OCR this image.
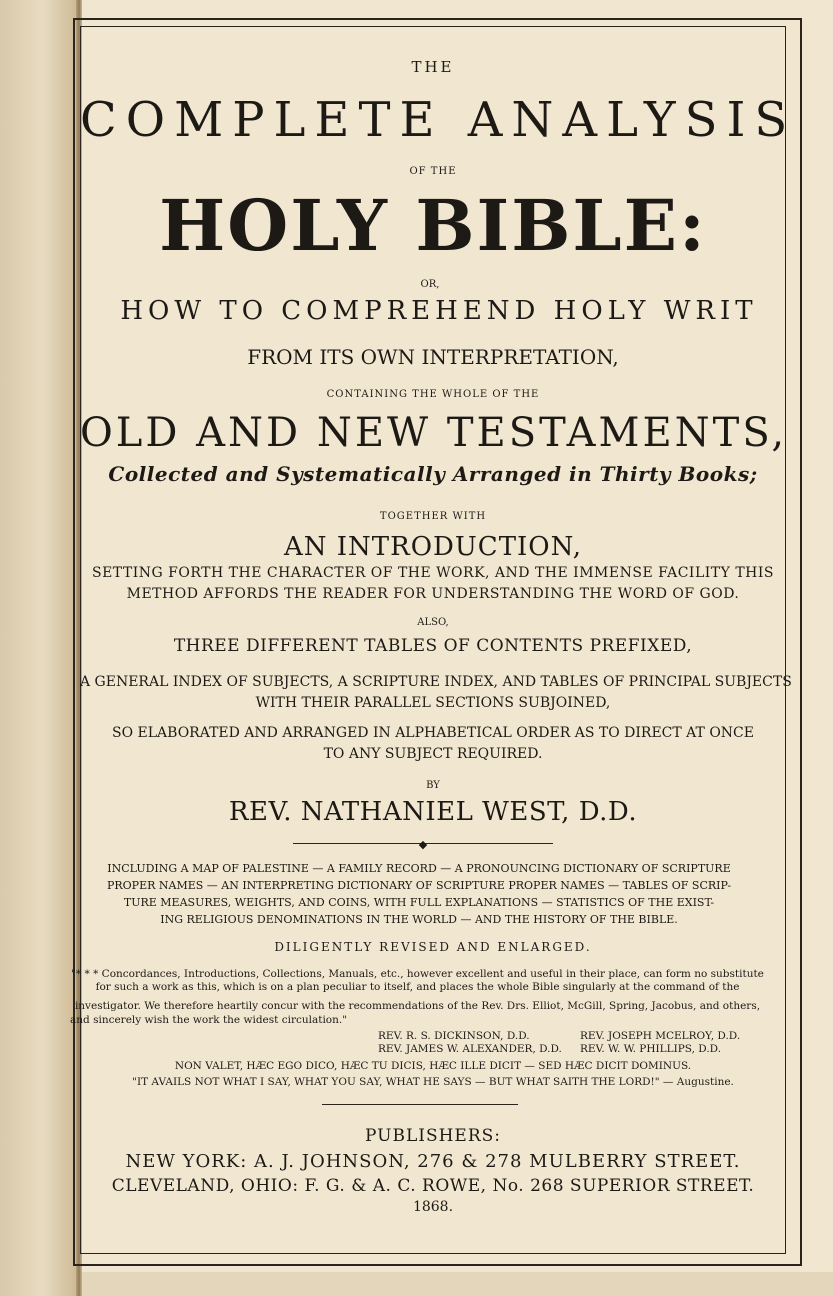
THE
COMPLETE ANALYSIS
OF THE
HOLY BIBLE:
OR,
HOW TO COMPREHEND HOLY WRIT
FROM ITS OWN INTERPRETATION,
CONTAINING THE WHOLE OF THE
OLD AND NEW TESTAMENTS,
Collected and Systematically Arranged in Thirty Books;
TOGETHER WITH
AN INTRODUCTION,
SETTING FORTH THE CHARACTER OF THE WORK, AND THE IMMENSE FACILITY THIS
METHOD AFFORDS THE READER FOR UNDERSTANDING THE WORD OF GOD.
ALSO,
THREE DIFFERENT TABLES OF CONTENTS PREFIXED,
A GENERAL INDEX OF SUBJECTS, A SCRIPTURE INDEX, AND TABLES OF PRINCIPAL SUBJECTS
WITH THEIR PARALLEL SECTIONS SUBJOINED,
SO ELABORATED AND ARRANGED IN ALPHABETICAL ORDER AS TO DIRECT AT ONCE
TO ANY SUBJECT REQUIRED.
BY
REV. NATHANIEL WEST, D.D.
◆
INCLUDING A MAP OF PALESTINE — A FAMILY RECORD — A PRONOUNCING DICTIONARY OF SCRIPTURE
PROPER NAMES — AN INTERPRETING DICTIONARY OF SCRIPTURE PROPER NAMES — TABLES OF SCRIP-
TURE MEASURES, WEIGHTS, AND COINS, WITH FULL EXPLANATIONS — STATISTICS OF THE EXIST-
ING RELIGIOUS DENOMINATIONS IN THE WORLD — AND THE HISTORY OF THE BIBLE.
DILIGENTLY REVISED AND ENLARGED.
"* * * Concordances, Introductions, Collections, Manuals, etc., however excellent and useful in their place, can form no substitute for such a work as this, which is on a plan peculiar to itself, and places the whole Bible singularly at the command of the
investigator. We therefore heartily concur with the recommendations of the Rev. Drs. Elliot, McGill, Spring, Jacobus, and others,
and sincerely wish the work the widest circulation."
REV. R. S. DICKINSON, D.D.
REV. JAMES W. ALEXANDER, D.D.
REV. JOSEPH MCELROY, D.D.
REV. W. W. PHILLIPS, D.D.
NON VALET, HÆC EGO DICO, HÆC TU DICIS, HÆC ILLE DICIT — SED HÆC DICIT DOMINUS.
"IT AVAILS NOT WHAT I SAY, WHAT YOU SAY, WHAT HE SAYS — BUT WHAT SAITH THE LORD!" — Augustine.
PUBLISHERS:
NEW YORK: A. J. JOHNSON, 276 & 278 MULBERRY STREET.
CLEVELAND, OHIO: F. G. & A. C. ROWE, No. 268 SUPERIOR STREET.
1868.
